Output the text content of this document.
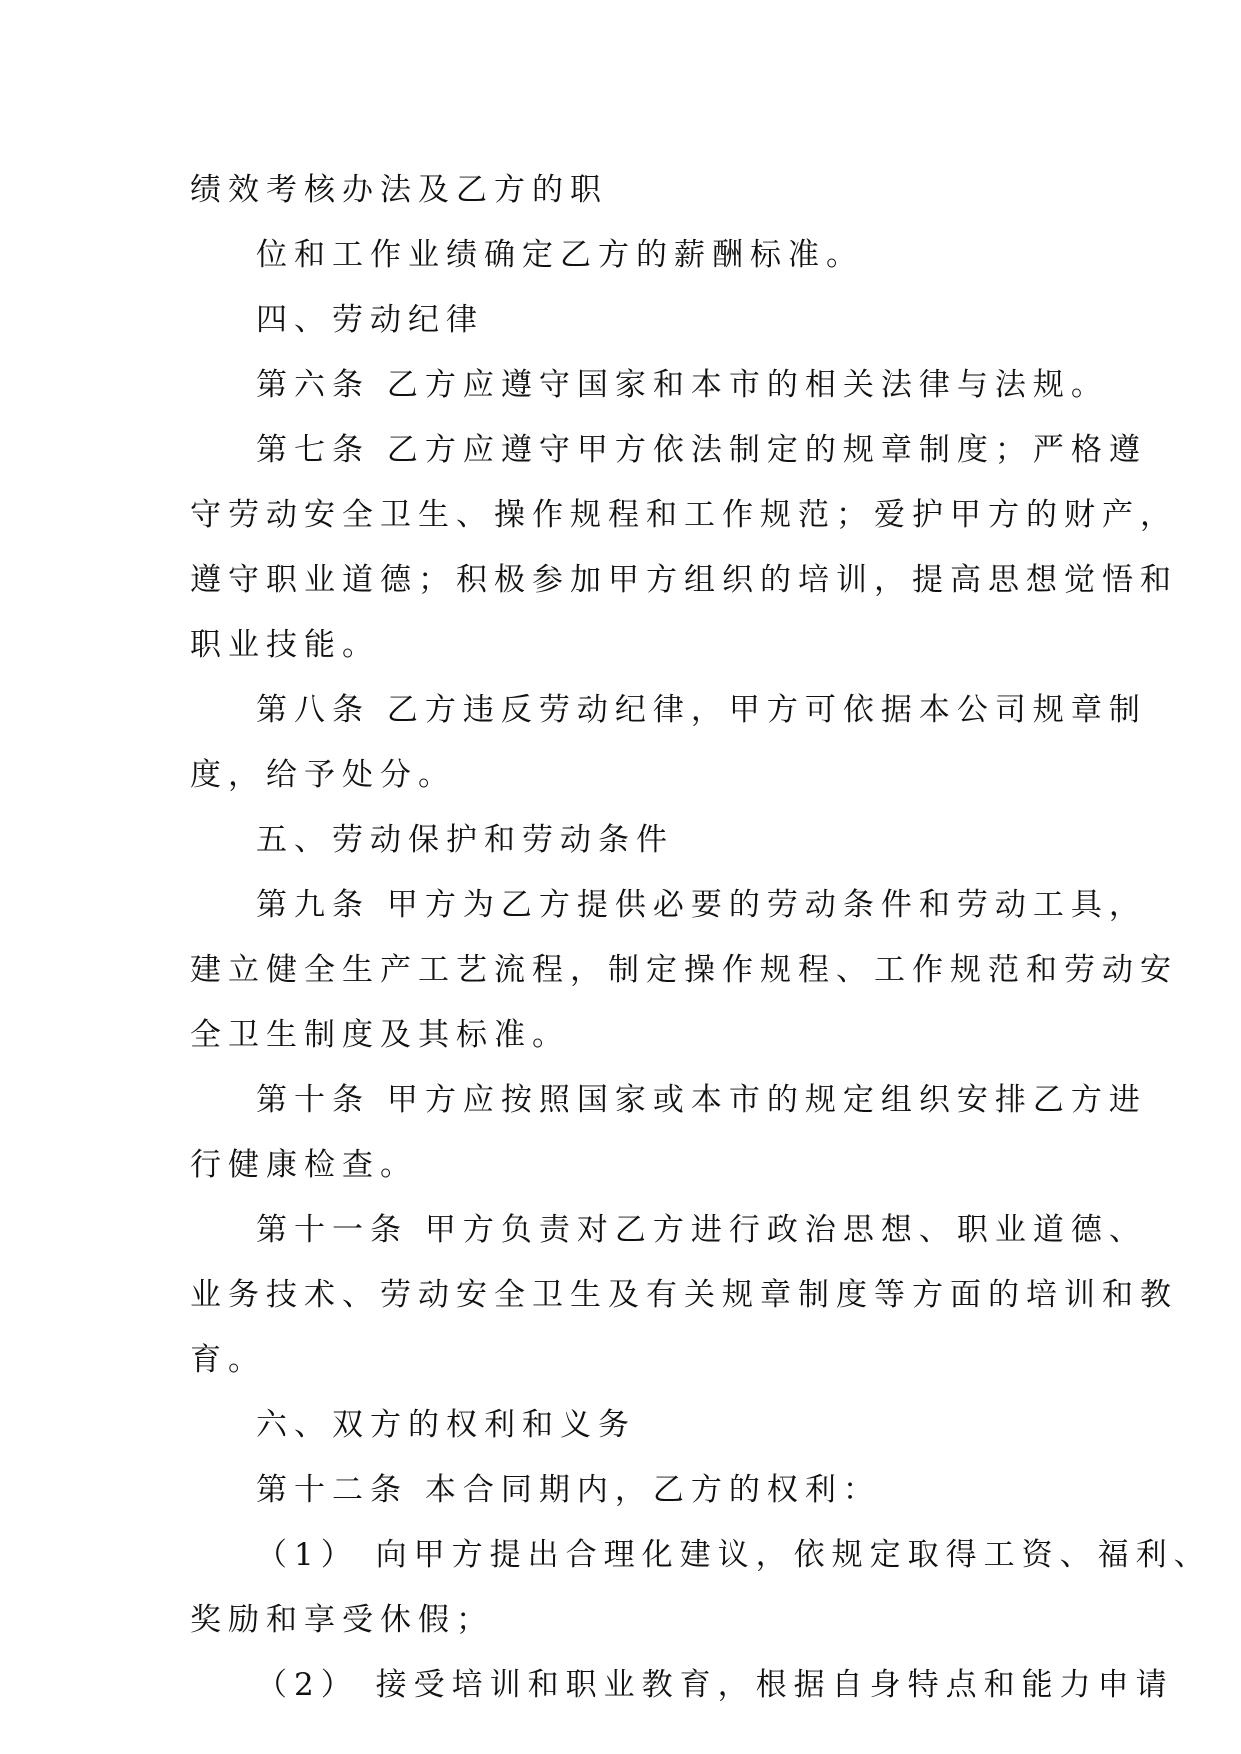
绩效考核办法及乙方的职
位和工作业绩确定乙方的薪酬标准。
四、劳动纪律
第六条 乙方应遵守国家和本市的相关法律与法规。
第七条 乙方应遵守甲方依法制定的规章制度；严格遵
守劳动安全卫生、操作规程和工作规范；爱护甲方的财产，
遵守职业道德；积极参加甲方组织的培训，提高思想觉悟和
职业技能。
第八条 乙方违反劳动纪律，甲方可依据本公司规章制
度，给予处分。
五、劳动保护和劳动条件
第九条 甲方为乙方提供必要的劳动条件和劳动工具，
建立健全生产工艺流程，制定操作规程、工作规范和劳动安
全卫生制度及其标准。
第十条 甲方应按照国家或本市的规定组织安排乙方进
行健康检查。
第十一条 甲方负责对乙方进行政治思想、职业道德、
业务技术、劳动安全卫生及有关规章制度等方面的培训和教
育。
六、双方的权利和义务
第十二条 本合同期内，乙方的权利：
（1） 向甲方提出合理化建议，依规定取得工资、福利、
奖励和享受休假；
（2） 接受培训和职业教育，根据自身特点和能力申请
